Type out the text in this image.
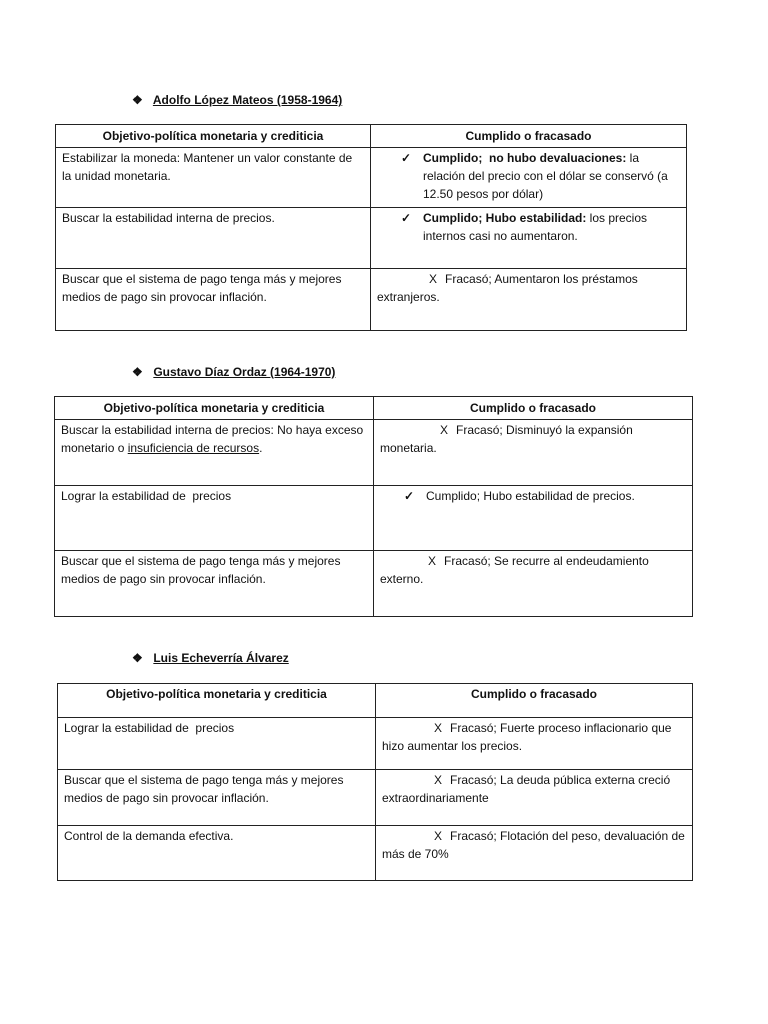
❖ Adolfo López Mateos (1958-1964)
Objetivo-política monetaria y crediticia	Cumplido o fracasado

Estabilizar la moneda: Mantener un valor constante de la unidad monetaria.	✓ Cumplido;  no hubo devaluaciones: la relación del precio con el dólar se conservó (a 12.50 pesos por dólar)

Buscar la estabilidad interna de precios.	✓ Cumplido; Hubo estabilidad: los precios internos casi no aumentaron.

Buscar que el sistema de pago tenga más y mejores medios de pago sin provocar inflación.	X Fracasó; Aumentaron los préstamos extranjeros.
❖ Gustavo Díaz Ordaz (1964-1970)
Objetivo-política monetaria y crediticia	Cumplido o fracasado

Buscar la estabilidad interna de precios: No haya exceso monetario o insuficiencia de recursos.	X Fracasó; Disminuyó la expansión monetaria.

Lograr la estabilidad de  precios	✓ Cumplido; Hubo estabilidad de precios.

Buscar que el sistema de pago tenga más y mejores medios de pago sin provocar inflación.	X Fracasó; Se recurre al endeudamiento externo.
❖ Luis Echeverría Álvarez
Objetivo-política monetaria y crediticia	Cumplido o fracasado

Lograr la estabilidad de  precios	X Fracasó; Fuerte proceso inflacionario que hizo aumentar los precios.

Buscar que el sistema de pago tenga más y mejores medios de pago sin provocar inflación.	X Fracasó; La deuda pública externa creció extraordinariamente

Control de la demanda efectiva.	X Fracasó; Flotación del peso, devaluación de más de 70%
